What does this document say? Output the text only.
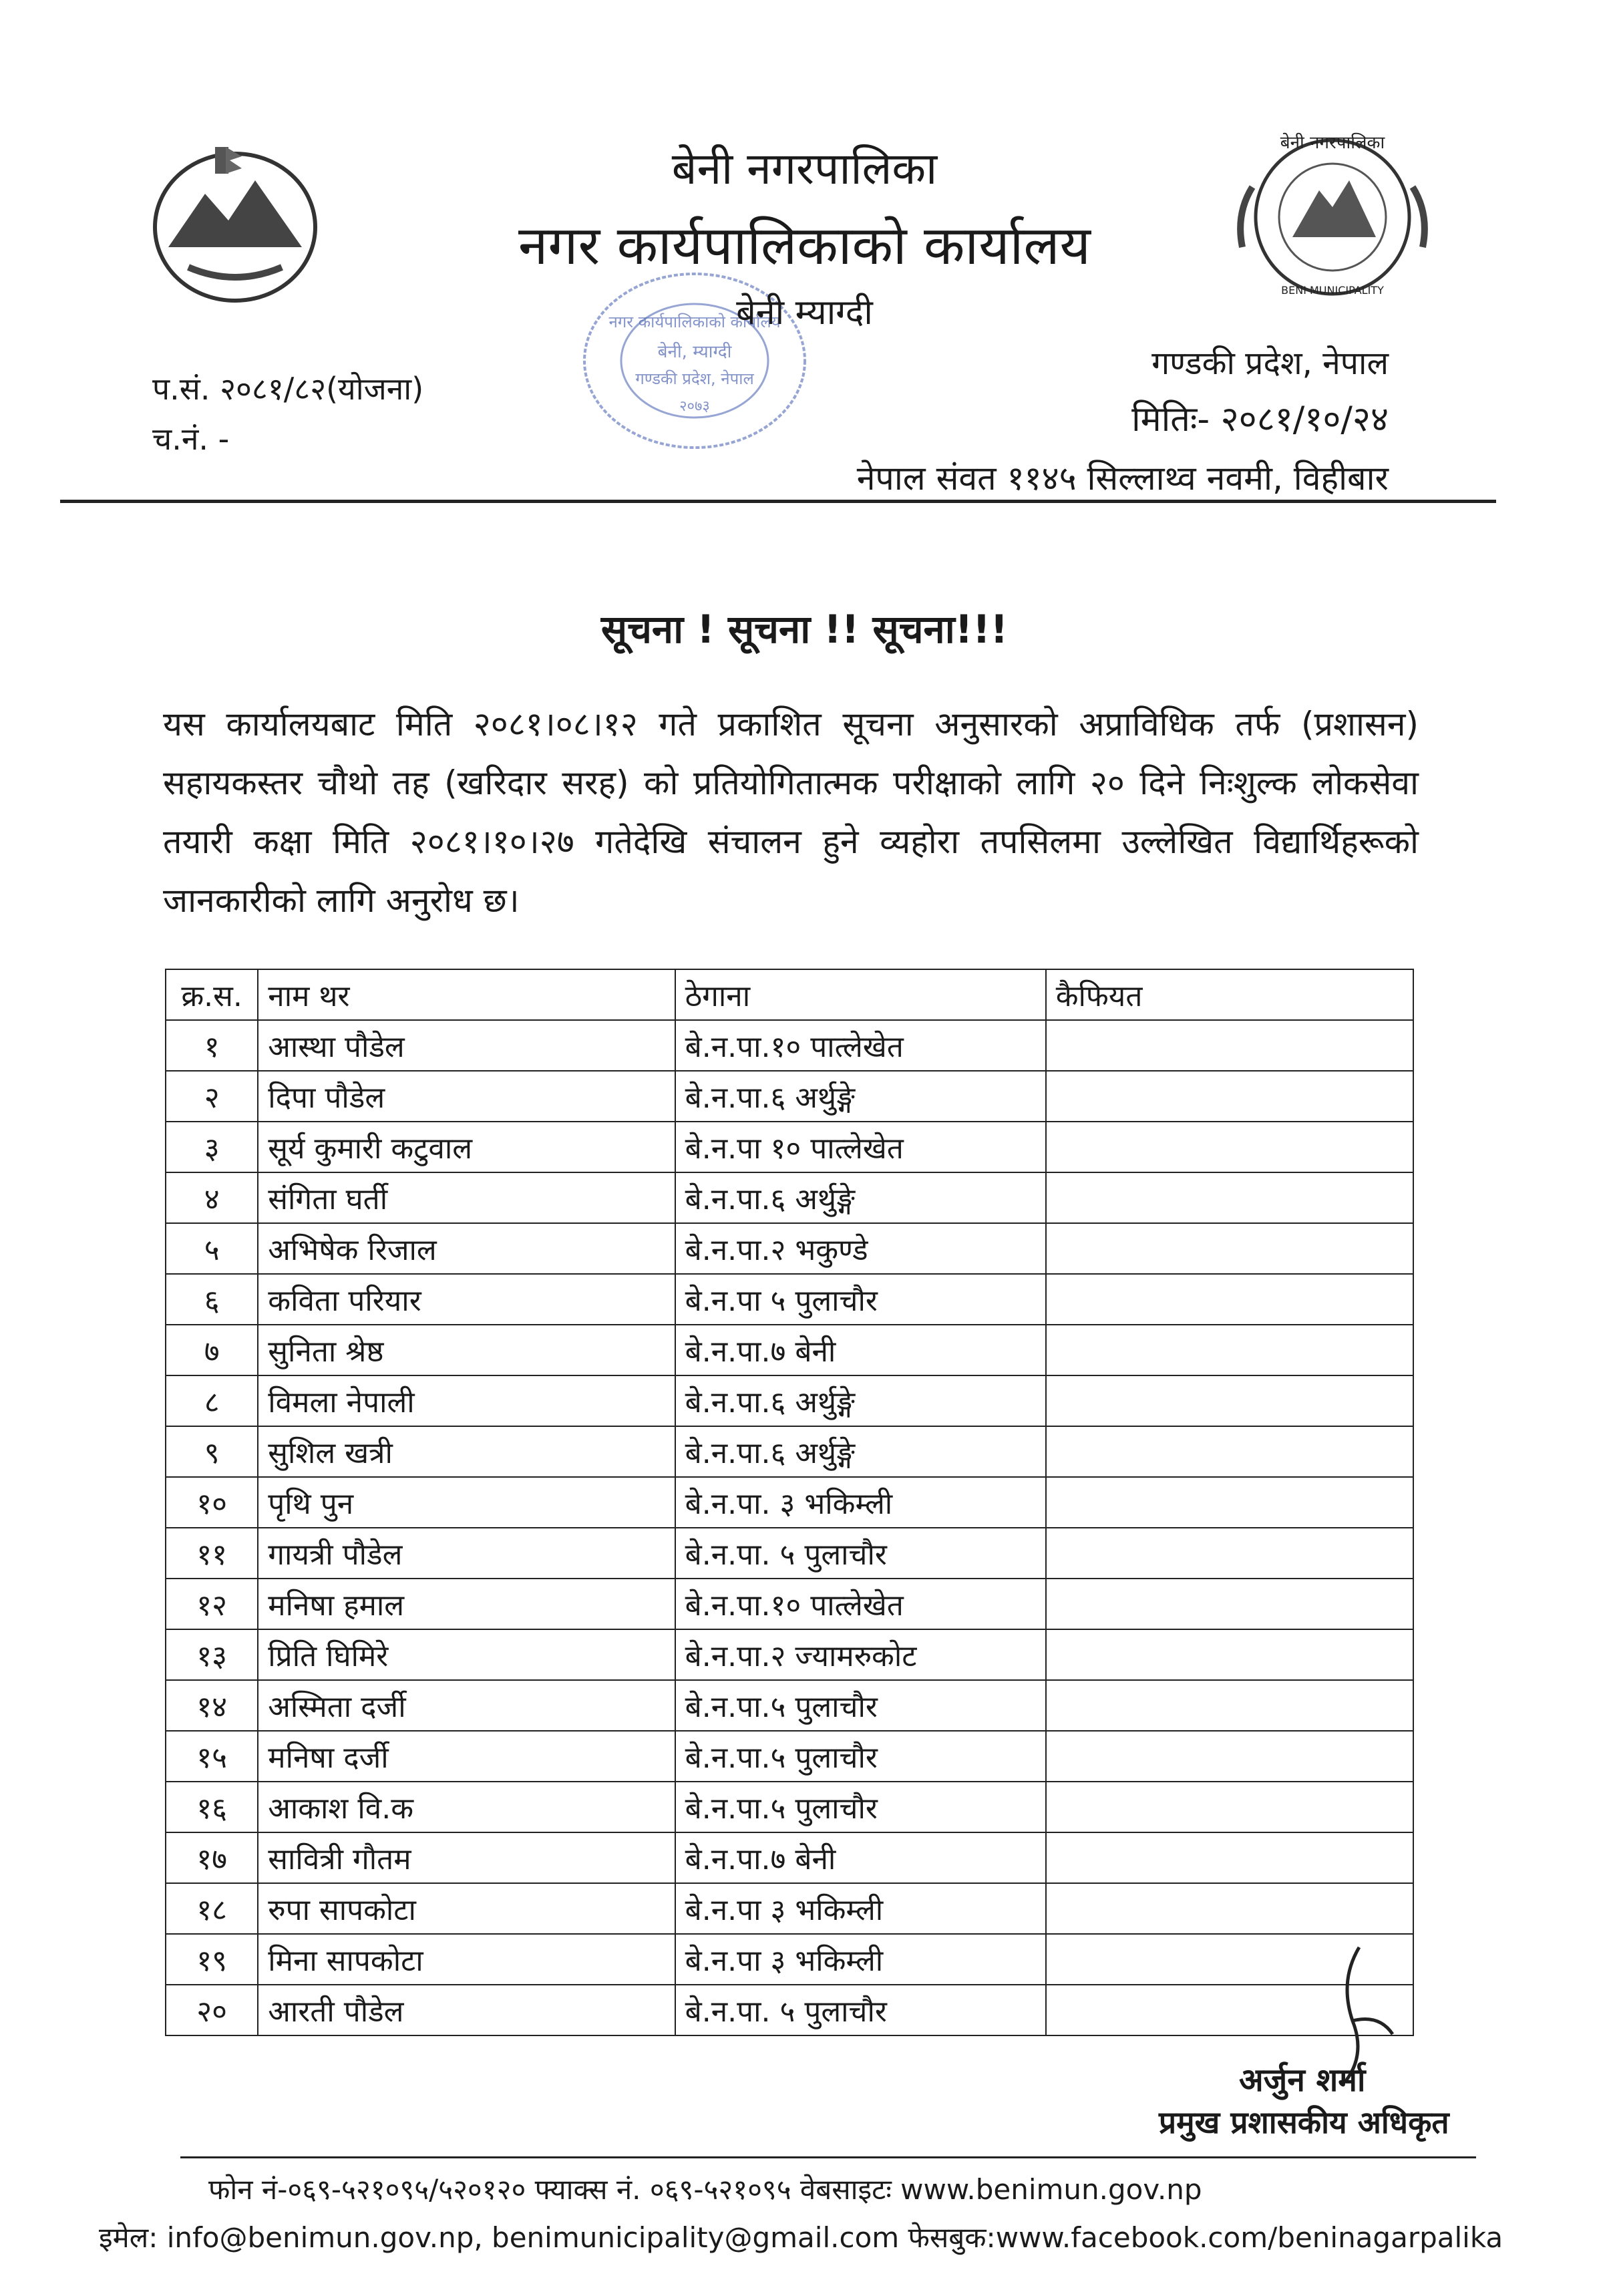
बेनी नगरपालिका
BENI MUNICIPALITY
नगर कार्यपालिकाको कार्यालय
बेनी, म्याग्दी
गण्डकी प्रदेश, नेपाल
२०७३
बेनी नगरपालिका
नगर कार्यपालिकाको कार्यालय
बेनी म्याग्दी
गण्डकी प्रदेश, नेपाल
मितिः- २०८१/१०/२४
नेपाल संवत ११४५ सिल्लाथ्व नवमी, विहीबार
प.सं. २०८१/८२(योजना)
च.नं. -
सूचना ! सूचना !! सूचना!!!
यस कार्यालयबाट मिति २०८१।०८।१२ गते प्रकाशित सूचना अनुसारको अप्राविधिक तर्फ (प्रशासन) सहायकस्तर चौथो तह (खरिदार सरह) को प्रतियोगितात्मक परीक्षाको लागि २० दिने निःशुल्क लोकसेवा तयारी कक्षा मिति २०८१।१०।२७ गतेदेखि संचालन हुने व्यहोरा तपसिलमा उल्लेखित विद्यार्थिहरूको जानकारीको लागि अनुरोध छ।
क्र.स.	नाम थर	ठेगाना	कैफियत
१	आस्था पौडेल	बे.न.पा.१० पात्लेखेत	
२	दिपा पौडेल	बे.न.पा.६ अर्थुङ्गे	
३	सूर्य कुमारी कटुवाल	बे.न.पा १० पात्लेखेत	
४	संगिता घर्ती	बे.न.पा.६ अर्थुङ्गे	
५	अभिषेक रिजाल	बे.न.पा.२ भकुण्डे	
६	कविता परियार	बे.न.पा ५ पुलाचौर	
७	सुनिता श्रेष्ठ	बे.न.पा.७ बेनी	
८	विमला नेपाली	बे.न.पा.६ अर्थुङ्गे	
९	सुशिल खत्री	बे.न.पा.६ अर्थुङ्गे	
१०	पृथि पुन	बे.न.पा. ३ भकिम्ली	
११	गायत्री पौडेल	बे.न.पा. ५ पुलाचौर	
१२	मनिषा हमाल	बे.न.पा.१० पात्लेखेत	
१३	प्रिति घिमिरे	बे.न.पा.२ ज्यामरुकोट	
१४	अस्मिता दर्जी	बे.न.पा.५ पुलाचौर	
१५	मनिषा दर्जी	बे.न.पा.५ पुलाचौर	
१६	आकाश वि.क	बे.न.पा.५ पुलाचौर	
१७	सावित्री गौतम	बे.न.पा.७ बेनी	
१८	रुपा सापकोटा	बे.न.पा ३ भकिम्ली	
१९	मिना सापकोटा	बे.न.पा ३ भकिम्ली	
२०	आरती पौडेल	बे.न.पा. ५ पुलाचौर	
अर्जुन शर्मा
प्रमुख प्रशासकीय अधिकृत
फोन नं-०६९-५२१०९५/५२०१२० फ्याक्स नं. ०६९-५२१०९५ वेबसाइटः www.benimun.gov.np
इमेल: info@benimun.gov.np, benimunicipality@gmail.com फेसबुक:www.facebook.com/beninagarpalika
